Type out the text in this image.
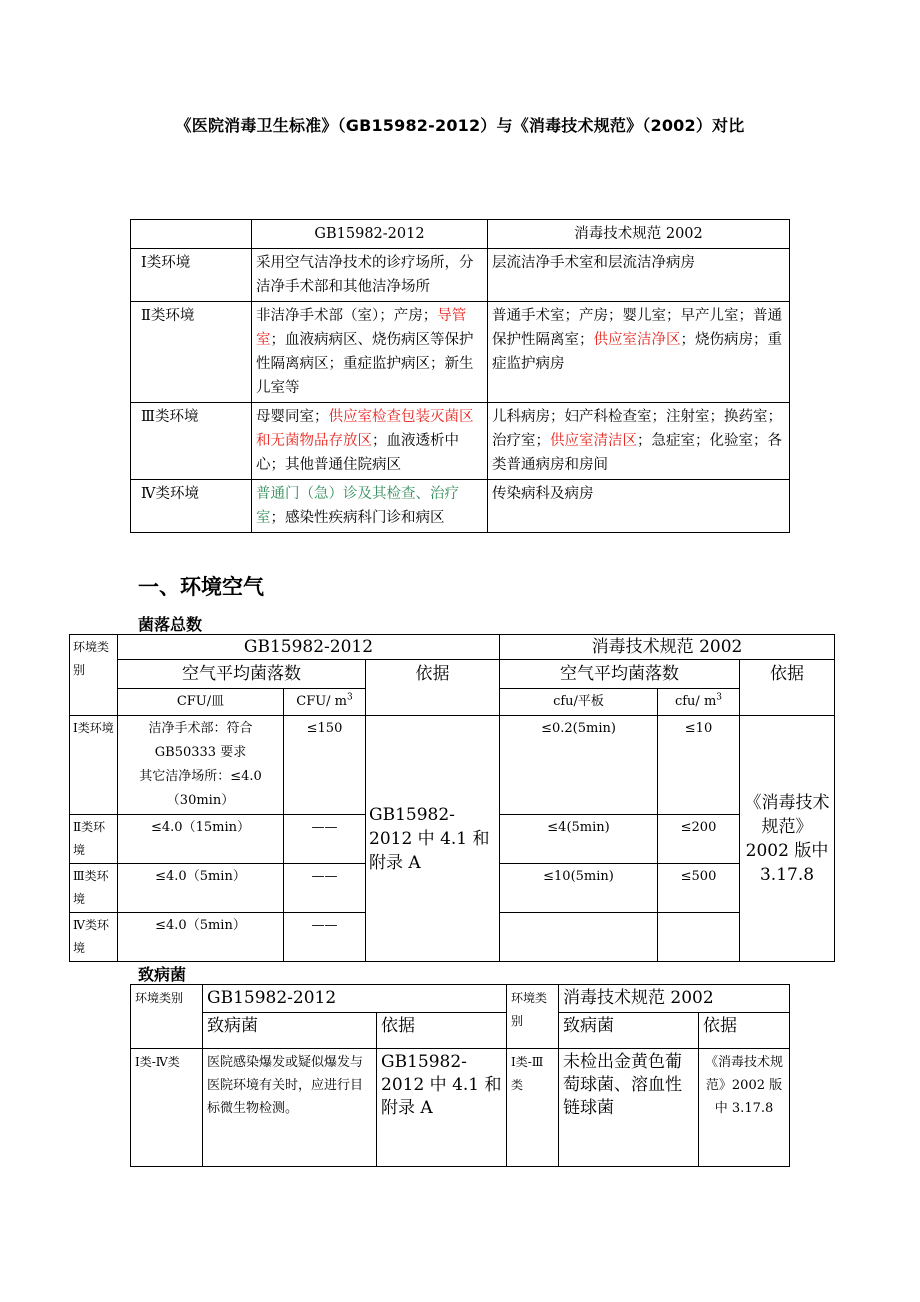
《医院消毒卫生标准》（GB15982-2012）与《消毒技术规范》（2002）对比
	GB15982-2012	消毒技术规范 2002
Ⅰ类环境	采用空气洁净技术的诊疗场所，分洁净手术部和其他洁净场所	层流洁净手术室和层流洁净病房
Ⅱ类环境	非洁净手术部（室）；产房；导管室；血液病病区、烧伤病区等保护性隔离病区；重症监护病区；新生儿室等	普通手术室；产房；婴儿室；早产儿室；普通保护性隔离室；供应室洁净区；烧伤病房；重症监护病房
Ⅲ类环境	母婴同室；供应室检查包装灭菌区和无菌物品存放区；血液透析中心；其他普通住院病区	儿科病房；妇产科检查室；注射室；换药室；治疗室；供应室清洁区；急症室；化验室；各类普通病房和房间
Ⅳ类环境	普通门（急）诊及其检查、治疗室；感染性疾病科门诊和病区	传染病科及病房
一、环境空气
菌落总数
环境类别	GB15982-2012			消毒技术规范 2002		
	空气平均菌落数		依据	空气平均菌落数		依据
	CFU/皿	CFU/ $m^3$		cfu/平板	cfu/ $m^3$
Ⅰ类环境	洁净手术部：符合
GB50333 要求
其它洁净场所：≤4.0
（30min）	≤150	GB15982-2012 中 4.1 和附录 A	≤0.2(5min)	≤10	《消毒技术规范》2002 版中 3.17.8
Ⅱ类环境	≤4.0（15min）	——		≤4(5min)	≤200	
Ⅲ类环境	≤4.0（5min）	——		≤10(5min)	≤500	
Ⅳ类环境	≤4.0（5min）	——				
致病菌
环境类别	GB15982-2012		环境类别	消毒技术规范 2002	
	致病菌	依据		致病菌	依据
Ⅰ类-Ⅳ类	医院感染爆发或疑似爆发与医院环境有关时，应进行目标微生物检测。	GB15982-2012 中 4.1 和附录 A	Ⅰ类-Ⅲ类	未检出金黄色葡萄球菌、溶血性链球菌	《消毒技术规范》2002 版中 3.17.8
